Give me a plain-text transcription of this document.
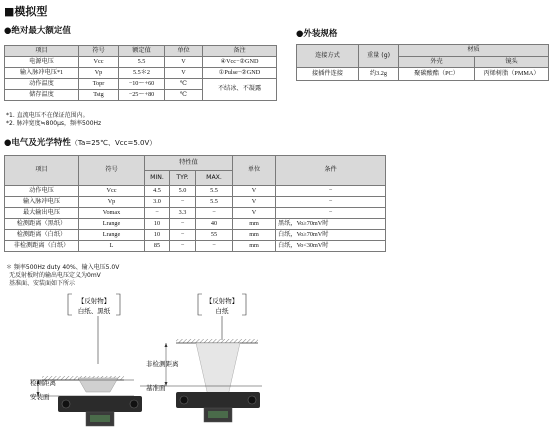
■模拟型
●绝对最大额定值
项目	符号	额定值	单位	备注
电源电压	Vcc	5.5	V	④Vcc−②GND
输入脉冲电压*1	Vp	5.5＊2	V	①Pulse−②GND
动作温度	Topr	−10〜+60	℃	不结冰、不凝露
储存温度	Tstg	−25〜+80	℃	
*1. 直流电压不在保证范围内。
*2. 脉冲宽度≒800μs，频率500Hz
●外装规格
连接方式	重量 (g)	材质	
		外壳	镜头
接插件连接	约3.2g	聚碳酸酯（PC）	丙烯树脂（PMMA）
●电气及光学特性（Ta=25℃、Vcc=5.0V）
项目	符号	特性值			单位	条件
		MIN.	TYP.	MAX.		
动作电压	Vcc	4.5	5.0	5.5	V	−
输入脉冲电压	Vp	3.0	−	5.5	V	−
最大输出电压	Vomax	−	3.3	−	V	−
检测距离（黑纸）	Lrange	10	−	40	mm	黑纸，Vo≥70mV时
检测距离（白纸）	Lrange	10	−	55	mm	白纸，Vo≥70mV时
非检测距离（白纸）	L	85	−	−	mm	白纸，Vo<30mV时
＊ 频率500Hz duty 40%、输入电压5.0V
无反射板时的输出电压定义为0mV
基准面、安装面如下所示
【反射物】
白纸、黑纸
检测距离
安装面
【反射物】
白纸
非检测距离
基准面
